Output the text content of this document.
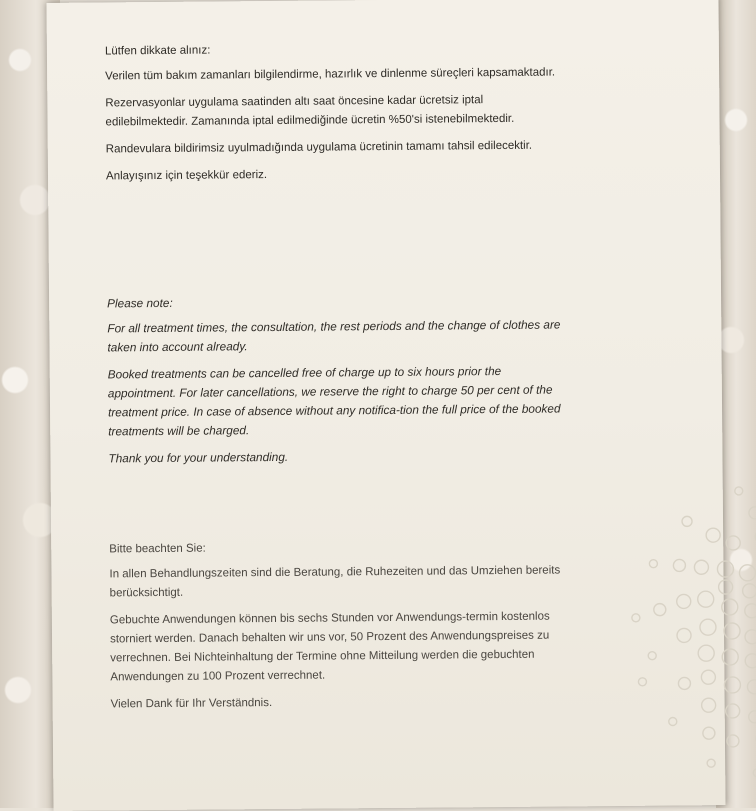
Lütfen dikkate alınız:

Verilen tüm bakım zamanları bilgilendirme, hazırlık ve dinlenme süreçleri kapsamaktadır.

Rezervasyonlar uygulama saatinden altı saat öncesine kadar ücretsiz iptal edilebilmektedir. Zamanında iptal edilmediğinde ücretin %50'si istenebilmektedir.

Randevulara bildirimsiz uyulmadığında uygulama ücretinin tamamı tahsil edilecektir.

Anlayışınız için teşekkür ederiz.

Please note:

For all treatment times, the consultation, the rest periods and the change of clothes are taken into account already.

Booked treatments can be cancelled free of charge up to six hours prior the appointment. For later cancellations, we reserve the right to charge 50 per cent of the treatment price. In case of absence without any notifica-tion the full price of the booked treatments will be charged.

Thank you for your understanding.

Bitte beachten Sie:

In allen Behandlungszeiten sind die Beratung, die Ruhezeiten und das Umziehen bereits berücksichtigt.

Gebuchte Anwendungen können bis sechs Stunden vor Anwendungs-termin kostenlos storniert werden. Danach behalten wir uns vor, 50 Prozent des Anwendungspreises zu verrechnen. Bei Nichteinhaltung der Termine ohne Mitteilung werden die gebuchten Anwendungen zu 100 Prozent verrechnet.

Vielen Dank für Ihr Verständnis.
